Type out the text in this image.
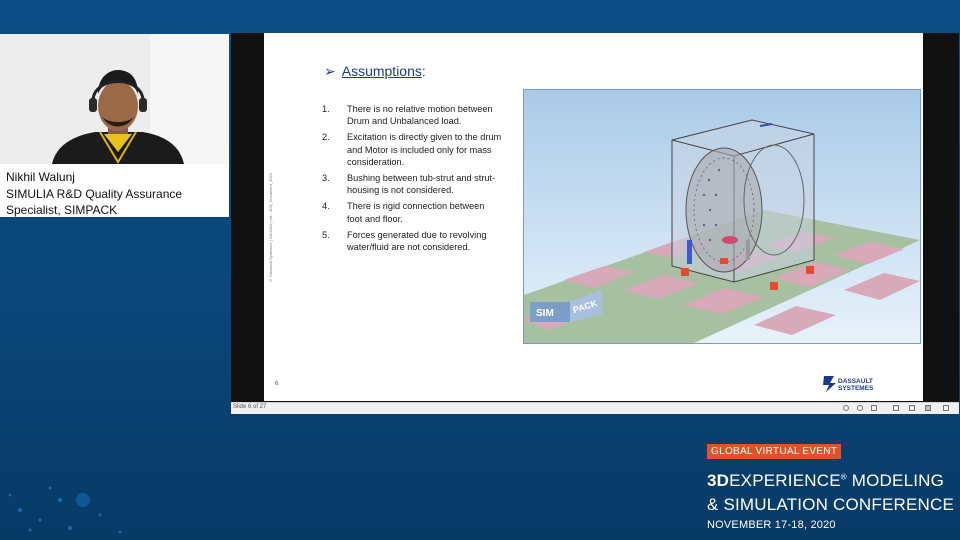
Nikhil Walunj
SIMULIA R&D Quality Assurance Specialist, SIMPACK	© Dassault Systèmes | 1/6/2020 | ref.: 3DS_Document_2020
➢ Assumptions:
1.	There is no relative motion between Drum and Unbalanced load.
2.	Excitation is directly given to the drum and Motor is included only for mass consideration.
3.	Bushing between tub-strut and strut-housing is not considered.
4.	There is rigid connection between foot and floor.
5.	Forces generated due to revolving water/fluid are not considered.
SIM PACK
6	DASSAULT
SYSTEMES
Slide 6 of 27
GLOBAL VIRTUAL EVENT
3DEXPERIENCE® MODELING
& SIMULATION CONFERENCE
NOVEMBER 17-18, 2020
